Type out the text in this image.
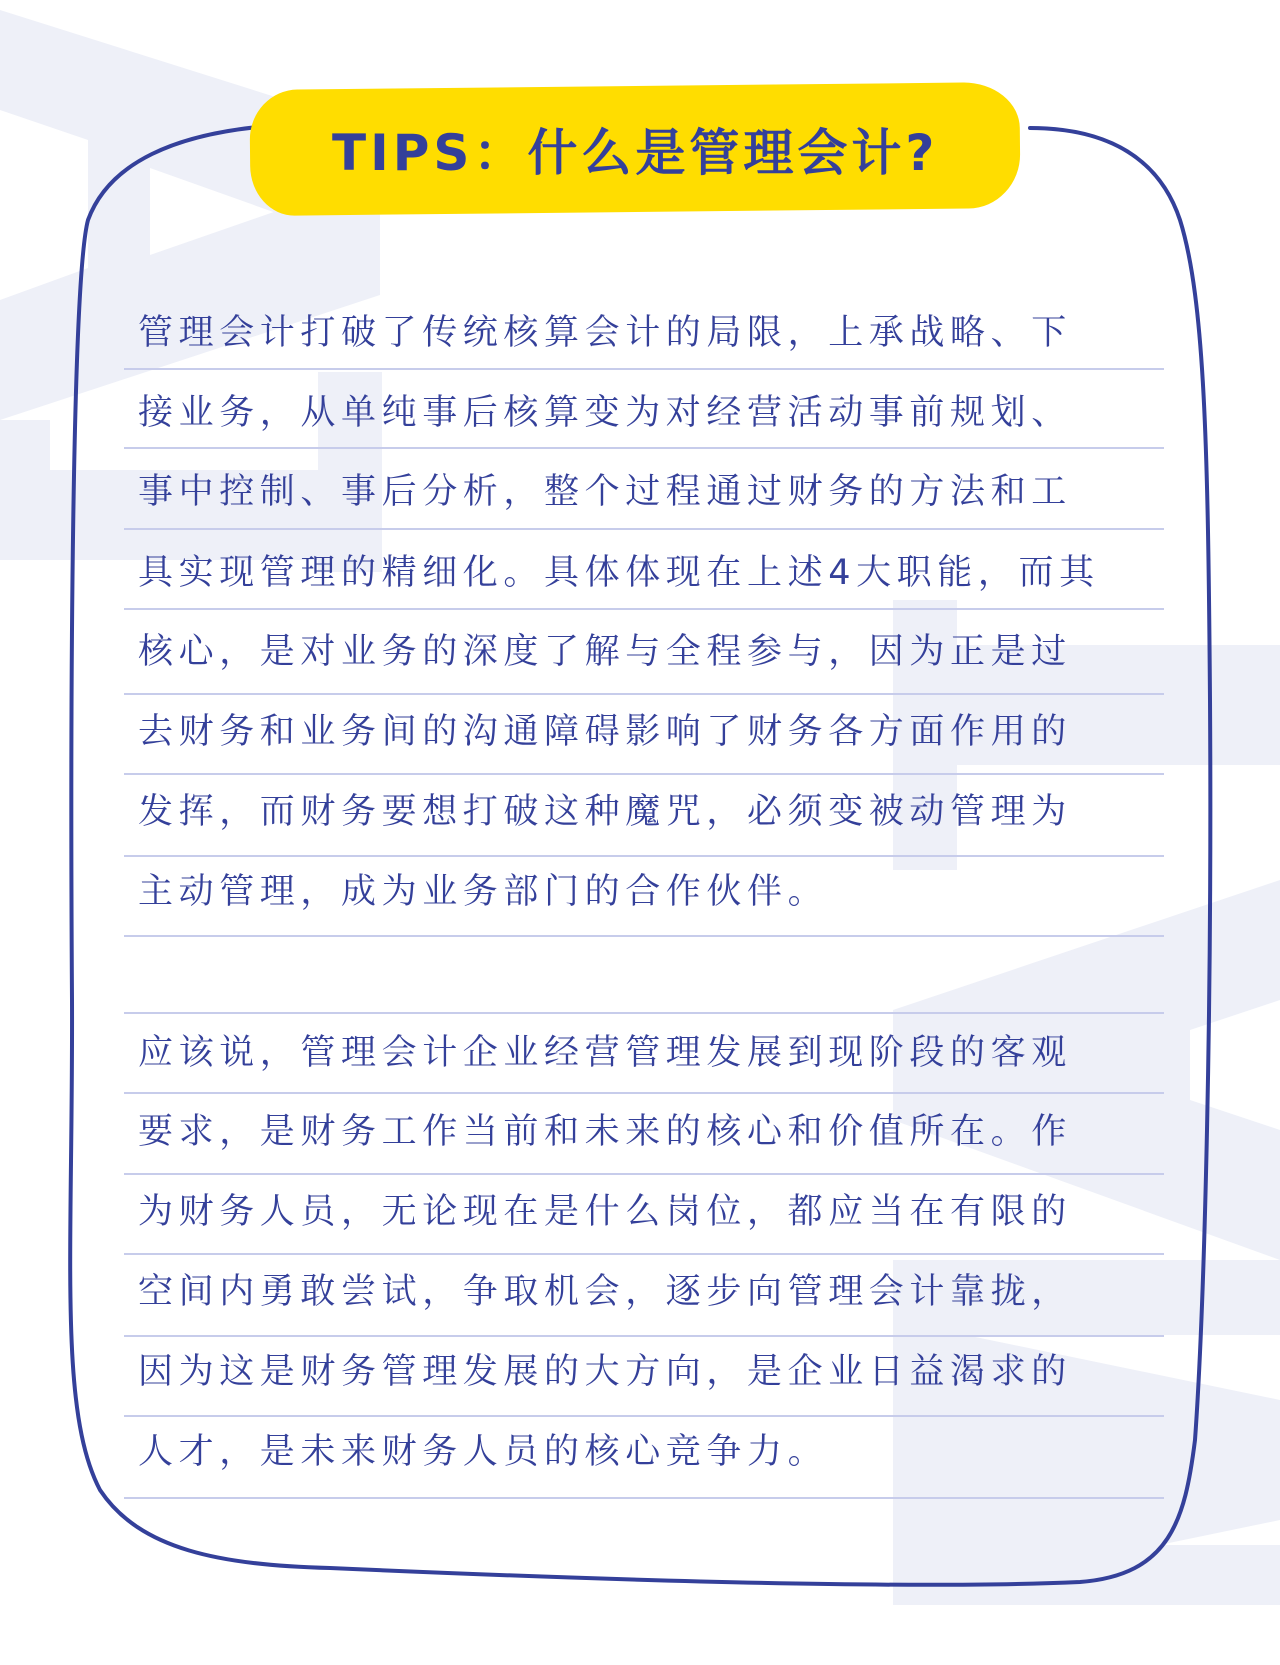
TIPS：什么是管理会计?
管理会计打破了传统核算会计的局限，上承战略、下
接业务，从单纯事后核算变为对经营活动事前规划、
事中控制、事后分析，整个过程通过财务的方法和工
具实现管理的精细化。具体体现在上述4大职能，而其
核心，是对业务的深度了解与全程参与，因为正是过
去财务和业务间的沟通障碍影响了财务各方面作用的
发挥，而财务要想打破这种魔咒，必须变被动管理为
主动管理，成为业务部门的合作伙伴。
应该说，管理会计企业经营管理发展到现阶段的客观
要求，是财务工作当前和未来的核心和价值所在。作
为财务人员，无论现在是什么岗位，都应当在有限的
空间内勇敢尝试，争取机会，逐步向管理会计靠拢，
因为这是财务管理发展的大方向，是企业日益渴求的
人才，是未来财务人员的核心竞争力。
